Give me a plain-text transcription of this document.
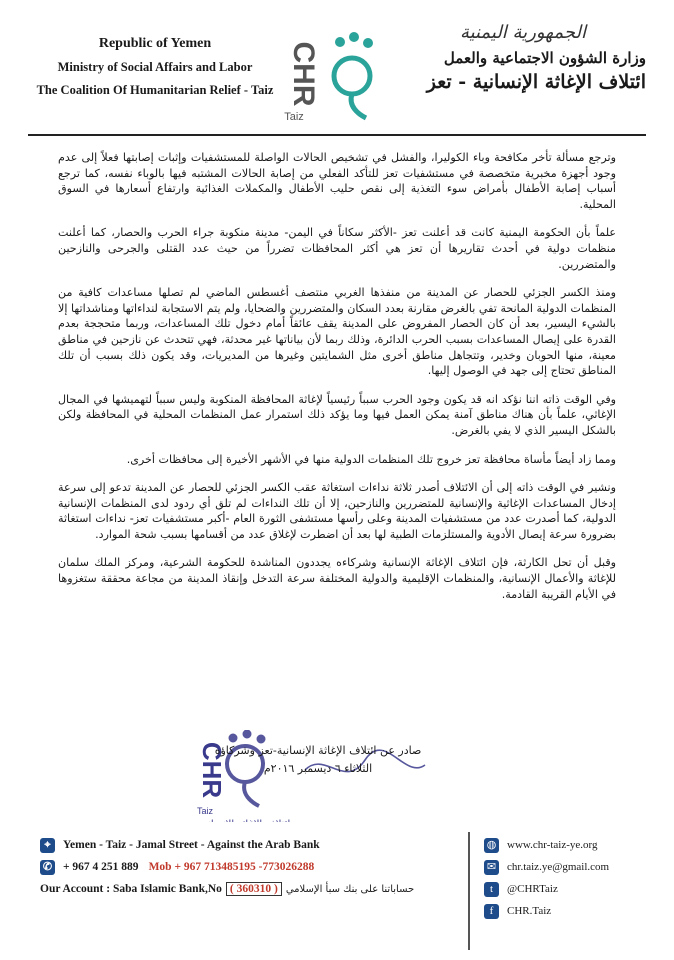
Republic of Yemen
Ministry of Social Affairs and Labor
The Coalition Of Humanitarian Relief - Taiz CHR
Taiz
الجمهورية اليمنية
وزارة الشؤون الاجتماعية والعمل
ائتلاف الإغاثة الإنسانية - تعز

وترجع مسألة تأخر مكافحة وباء الكوليرا، والفشل في تشخيص الحالات الواصلة للمستشفيات وإثبات إصابتها فعلاً إلى عدم وجود أجهزة مخبرية متخصصة في مستشفيات تعز للتأكد الفعلي من إصابة الحالات المشتبه فيها بالوباء نفسه، كما ترجع أسباب إصابة الأطفال بأمراض سوء التغذية إلى نقص حليب الأطفال والمكملات الغذائية وارتفاع أسعارها في السوق المحلية.

علماً بأن الحكومة اليمنية كانت قد أعلنت تعز -الأكثر سكاناً في اليمن- مدينة منكوبة جراء الحرب والحصار، كما أعلنت منظمات دولية في أحدث تقاريرها أن تعز هي أكثر المحافظات تضرراً من حيث عدد القتلى والجرحى والنازحين والمتضررين.

ومنذ الكسر الجزئي للحصار عن المدينة من منفذها الغربي منتصف أغسطس الماضي لم تصلها مساعدات كافية من المنظمات الدولية المانحة تفي بالغرض مقارنة بعدد السكان والمتضررين والضحايا، ولم يتم الاستجابة لنداءاتها ومناشداتها إلا بالشيء اليسير، بعد أن كان الحصار المفروض على المدينة يقف عائقاً أمام دخول تلك المساعدات، وربما متحججة بعدم القدرة على إيصال المساعدات بسبب الحرب الدائرة، وذلك ربما لأن بياناتها غير محدثة، فهي تتحدث عن نازحين في مناطق معينة، منها الحوبان وخدير، وتتجاهل مناطق أخرى مثل الشمايتين وغيرها من المديريات، وقد يكون ذلك بسبب أن تلك المناطق تحتاج إلى جهد في الوصول إليها.

وفي الوقت ذاته اننا نؤكد انه قد يكون وجود الحرب سبباً رئيسياً لإغاثة المحافظة المنكوبة وليس سبباً لتهميشها في المجال الإغاثي، علماً بأن هناك مناطق آمنة يمكن العمل فيها وما يؤكد ذلك استمرار عمل المنظمات المحلية في المحافظة ولكن بالشكل اليسير الذي لا يفي بالغرض.

ومما زاد أيضاً مأساة محافظة تعز خروج تلك المنظمات الدولية منها في الأشهر الأخيرة إلى محافظات أخرى.

ونشير في الوقت ذاته إلى أن الائتلاف أصدر ثلاثة نداءات استغاثة عقب الكسر الجزئي للحصار عن المدينة تدعو إلى سرعة إدخال المساعدات الإغاثية والإنسانية للمتضررين والنازحين، إلا أن تلك النداءات لم تلق أي ردود لدى المنظمات الإنسانية الدولية، كما أصدرت عدد من مستشفيات المدينة وعلى رأسها مستشفى الثورة العام -أكبر مستشفيات تعز- نداءات استغاثة بضرورة سرعة إيصال الأدوية والمستلزمات الطبية لها بعد أن اضطرت لإغلاق عدد من أقسامها بسبب شحة الموارد.

وقبل أن تحل الكارثة، فإن ائتلاف الإغاثة الإنسانية وشركاءه يجددون المناشدة للحكومة الشرعية، ومركز الملك سلمان للإغاثة والأعمال الإنسانية، والمنظمات الإقليمية والدولية المختلفة سرعة التدخل وإنقاذ المدينة من مجاعة محققة ستغزوها في الأيام القريبة القادمة.

CHR
Taiz
صادر عن ائتلاف الإغاثة الإنسانية-تعز وشركاؤه
الثلاثاء ٦ ديسمبر ٢٠١٦م
⌖	Yemen - Taiz - Jamal Street - Against the Arab Bank
✆ + 967 4 251 889 Mob + 967 713485195 -773026288
Our Account : Saba Islamic Bank,No ( 360310 ) حساباتنا على بنك سبأ الإسلامي
◍ www.chr-taiz-ye.org
✉ chr.taiz.ye@gmail.com
t	@CHRTaiz
f	CHR.Taiz
